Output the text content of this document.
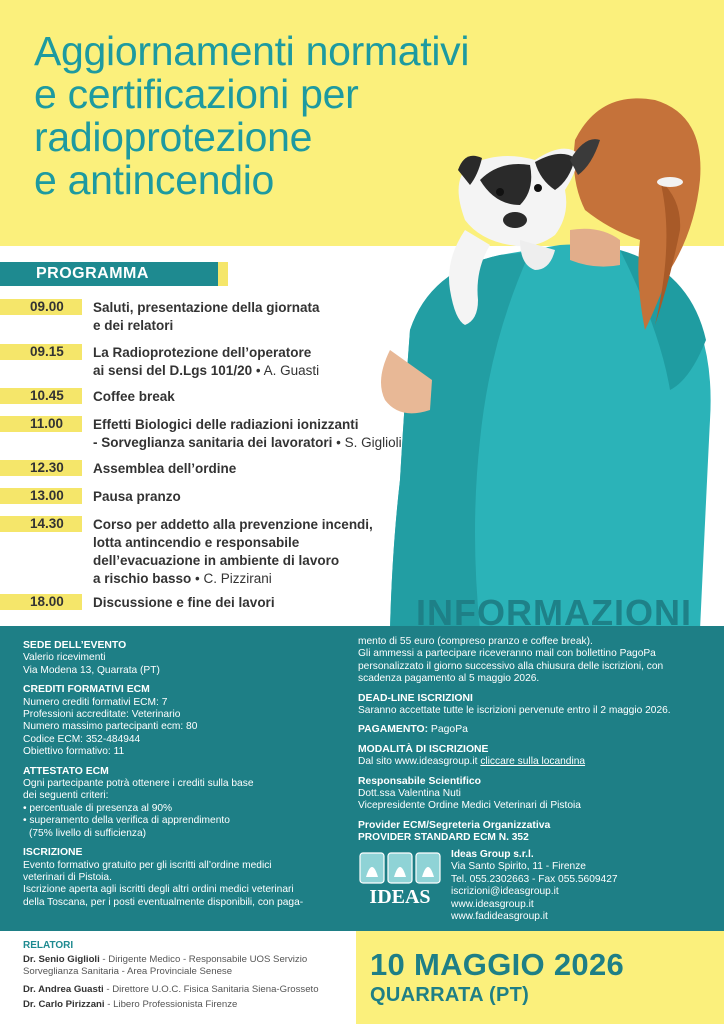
Aggiornamenti normativi
e certificazioni per
radioprotezione
e antincendio
PROGRAMMA
09.00	Saluti, presentazione della giornata
e dei relatori
09.15	La Radioprotezione dell’operatore
ai sensi del D.Lgs 101/20 • A. Guasti
10.45	Coffee break
11.00	Effetti Biologici delle radiazioni ionizzanti
- Sorveglianza sanitaria dei lavoratori • S. Giglioli
12.30	Assemblea dell’ordine
13.00	Pausa pranzo
14.30	Corso per addetto alla prevenzione incendi,
lotta antincendio e responsabile
dell’evacuazione in ambiente di lavoro
a rischio basso • C. Pizzirani
18.00	Discussione e fine dei lavori	INFORMAZIONI
SEDE DELL’EVENTO
Valerio ricevimenti
Via Modena 13, Quarrata (PT)
CREDITI FORMATIVI ECM
Numero crediti formativi ECM: 7
Professioni accreditate: Veterinario
Numero massimo partecipanti ecm: 80
Codice ECM: 352-484944
Obiettivo formativo: 11
ATTESTATO ECM
Ogni partecipante potrà ottenere i crediti sulla base
dei seguenti criteri:
• percentuale di presenza al 90%
• superamento della verifica di apprendimento
(75% livello di sufficienza)
ISCRIZIONE
Evento formativo gratuito per gli iscritti all’ordine medici
veterinari di Pistoia.
Iscrizione aperta agli iscritti degli altri ordini medici veterinari
della Toscana, per i posti eventualmente disponibili, con paga-
mento di 55 euro (compreso pranzo e coffee break).
Gli ammessi a partecipare riceveranno mail con bollettino PagoPa
personalizzato il giorno successivo alla chiusura delle iscrizioni, con
scadenza pagamento al 5 maggio 2026.
DEAD-LINE ISCRIZIONI
Saranno accettate tutte le iscrizioni pervenute entro il 2 maggio 2026.
PAGAMENTO: PagoPa
MODALITÀ DI ISCRIZIONE
Dal sito www.ideasgroup.it cliccare sulla locandina
Responsabile Scientifico
Dott.ssa Valentina Nuti
Vicepresidente Ordine Medici Veterinari di Pistoia
Provider ECM/Segreteria Organizzativa
PROVIDER STANDARD ECM N. 352
IDEAS
Ideas Group s.r.l.
Via Santo Spirito, 11 - Firenze
Tel. 055.2302663 - Fax 055.5609427
iscrizioni@ideasgroup.it
www.ideasgroup.it
www.fadideasgroup.it
RELATORI
Dr. Senio Giglioli - Dirigente Medico - Responsabile UOS Servizio
Sorveglianza Sanitaria - Area Provinciale Senese
Dr. Andrea Guasti - Direttore U.O.C. Fisica Sanitaria Siena-Grosseto
Dr. Carlo Pirizzani - Libero Professionista Firenze
10 MAGGIO 2026
QUARRATA (PT)
